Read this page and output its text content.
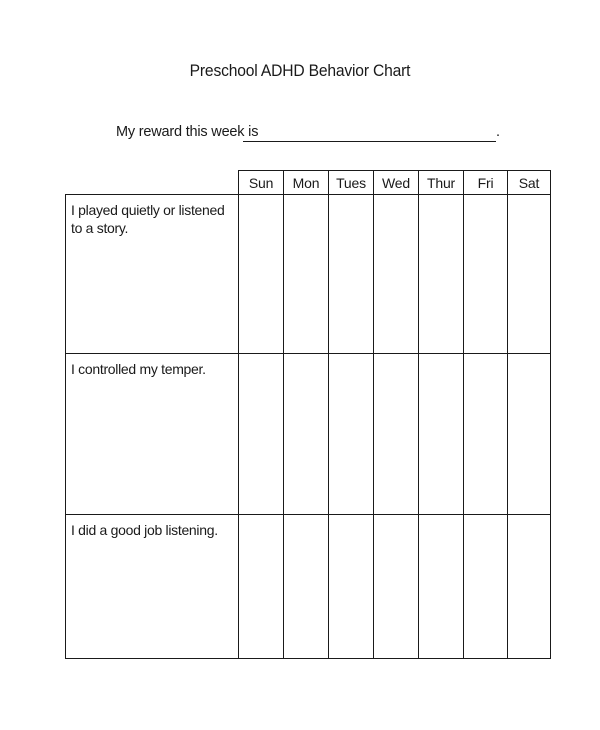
Preschool ADHD Behavior Chart
My reward this week is	.
Sun	Mon	Tues	Wed	Thur	Fri	Sat
I played quietly or listened to a story.
I controlled my temper.
I did a good job listening.
